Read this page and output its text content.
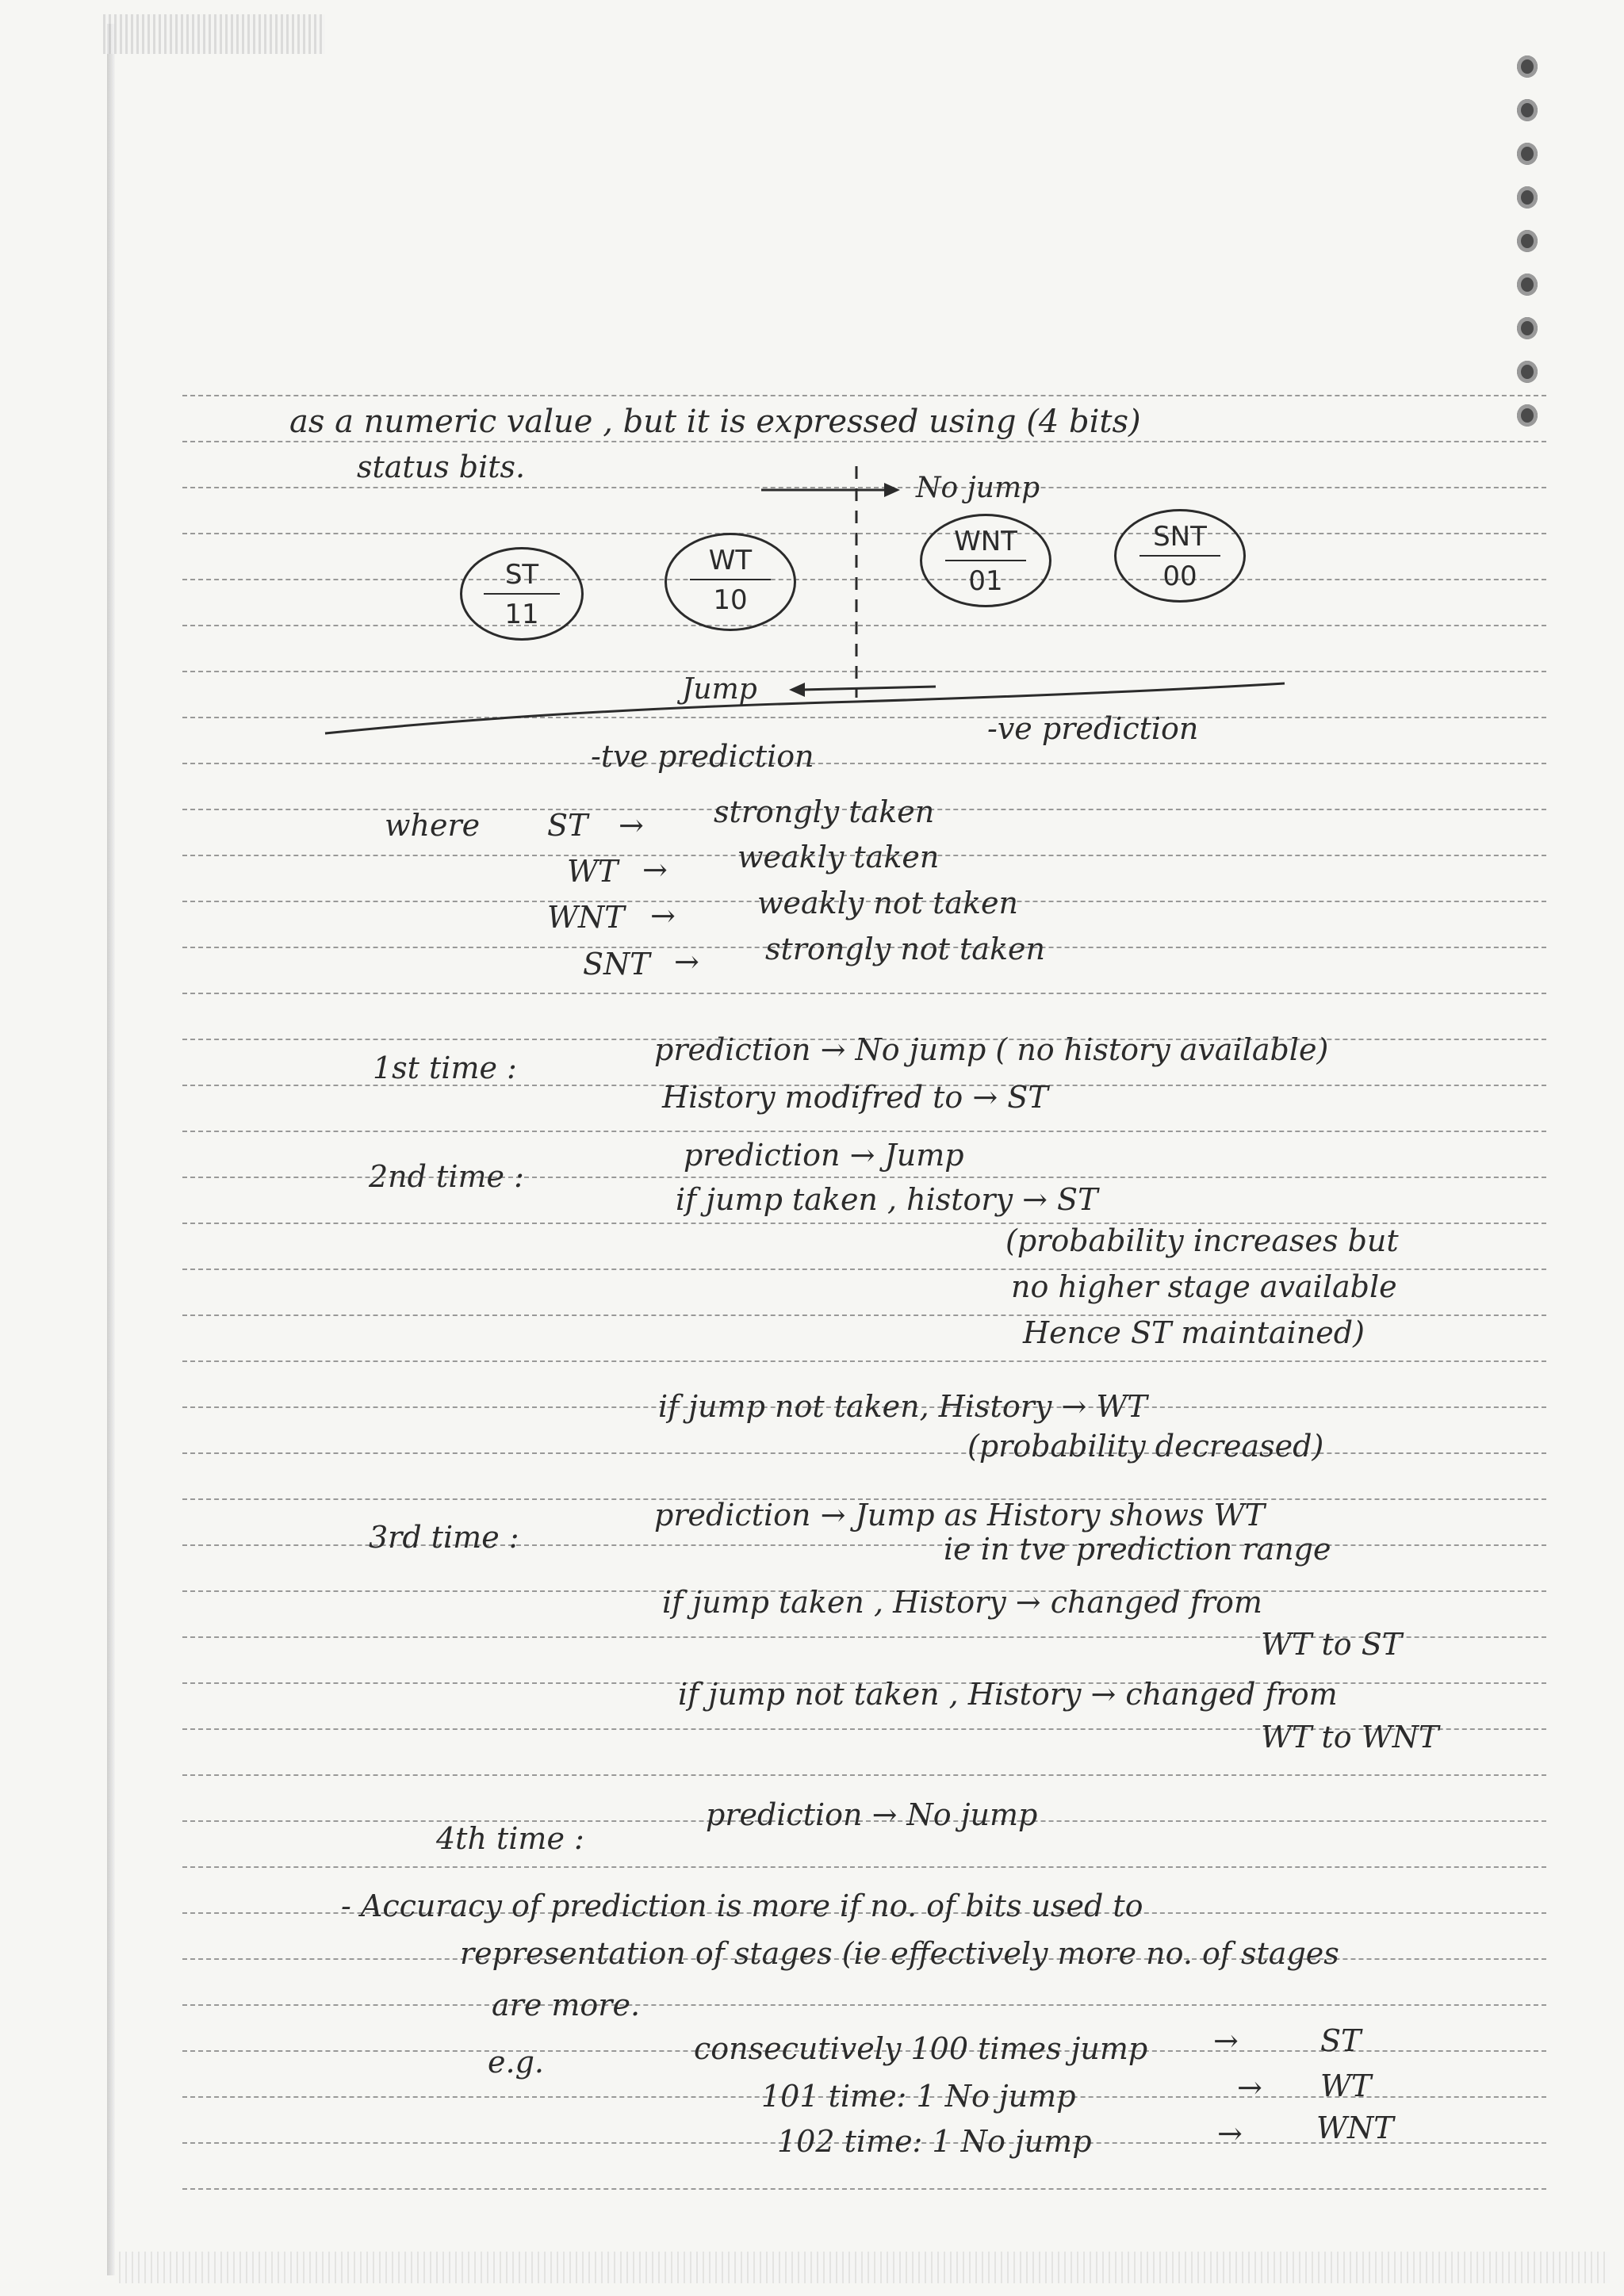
as a numeric value , but it is expressed using (4 bits)
status bits.
ST
11
WT
10
WNT
01
SNT
00
No jump
Jump
-tve prediction
-ve prediction
where ST → strongly taken
WT → weakly taken
WNT →	weakly not taken
SNT → strongly not taken
1st time :
prediction → No jump ( no history available)
History modifred to → ST
2nd time :
prediction → Jump
if jump taken , history → ST
(probability increases but
no higher stage available
Hence ST maintained)
if jump not taken, History → WT
(probability decreased)
3rd time :
prediction → Jump as History shows WT
ie in tve prediction range
if jump taken , History → changed from
WT to ST
if jump not taken , History → changed from
WT to WNT
4th time :
prediction → No jump
- Accuracy of prediction is more if no. of bits used to
representation of stages (ie effectively more no. of stages
are more.
e.g.	consecutively 100 times jump →	ST
101 time: 1 No jump	→ WT
102 time: 1 No jump	→ WNT
